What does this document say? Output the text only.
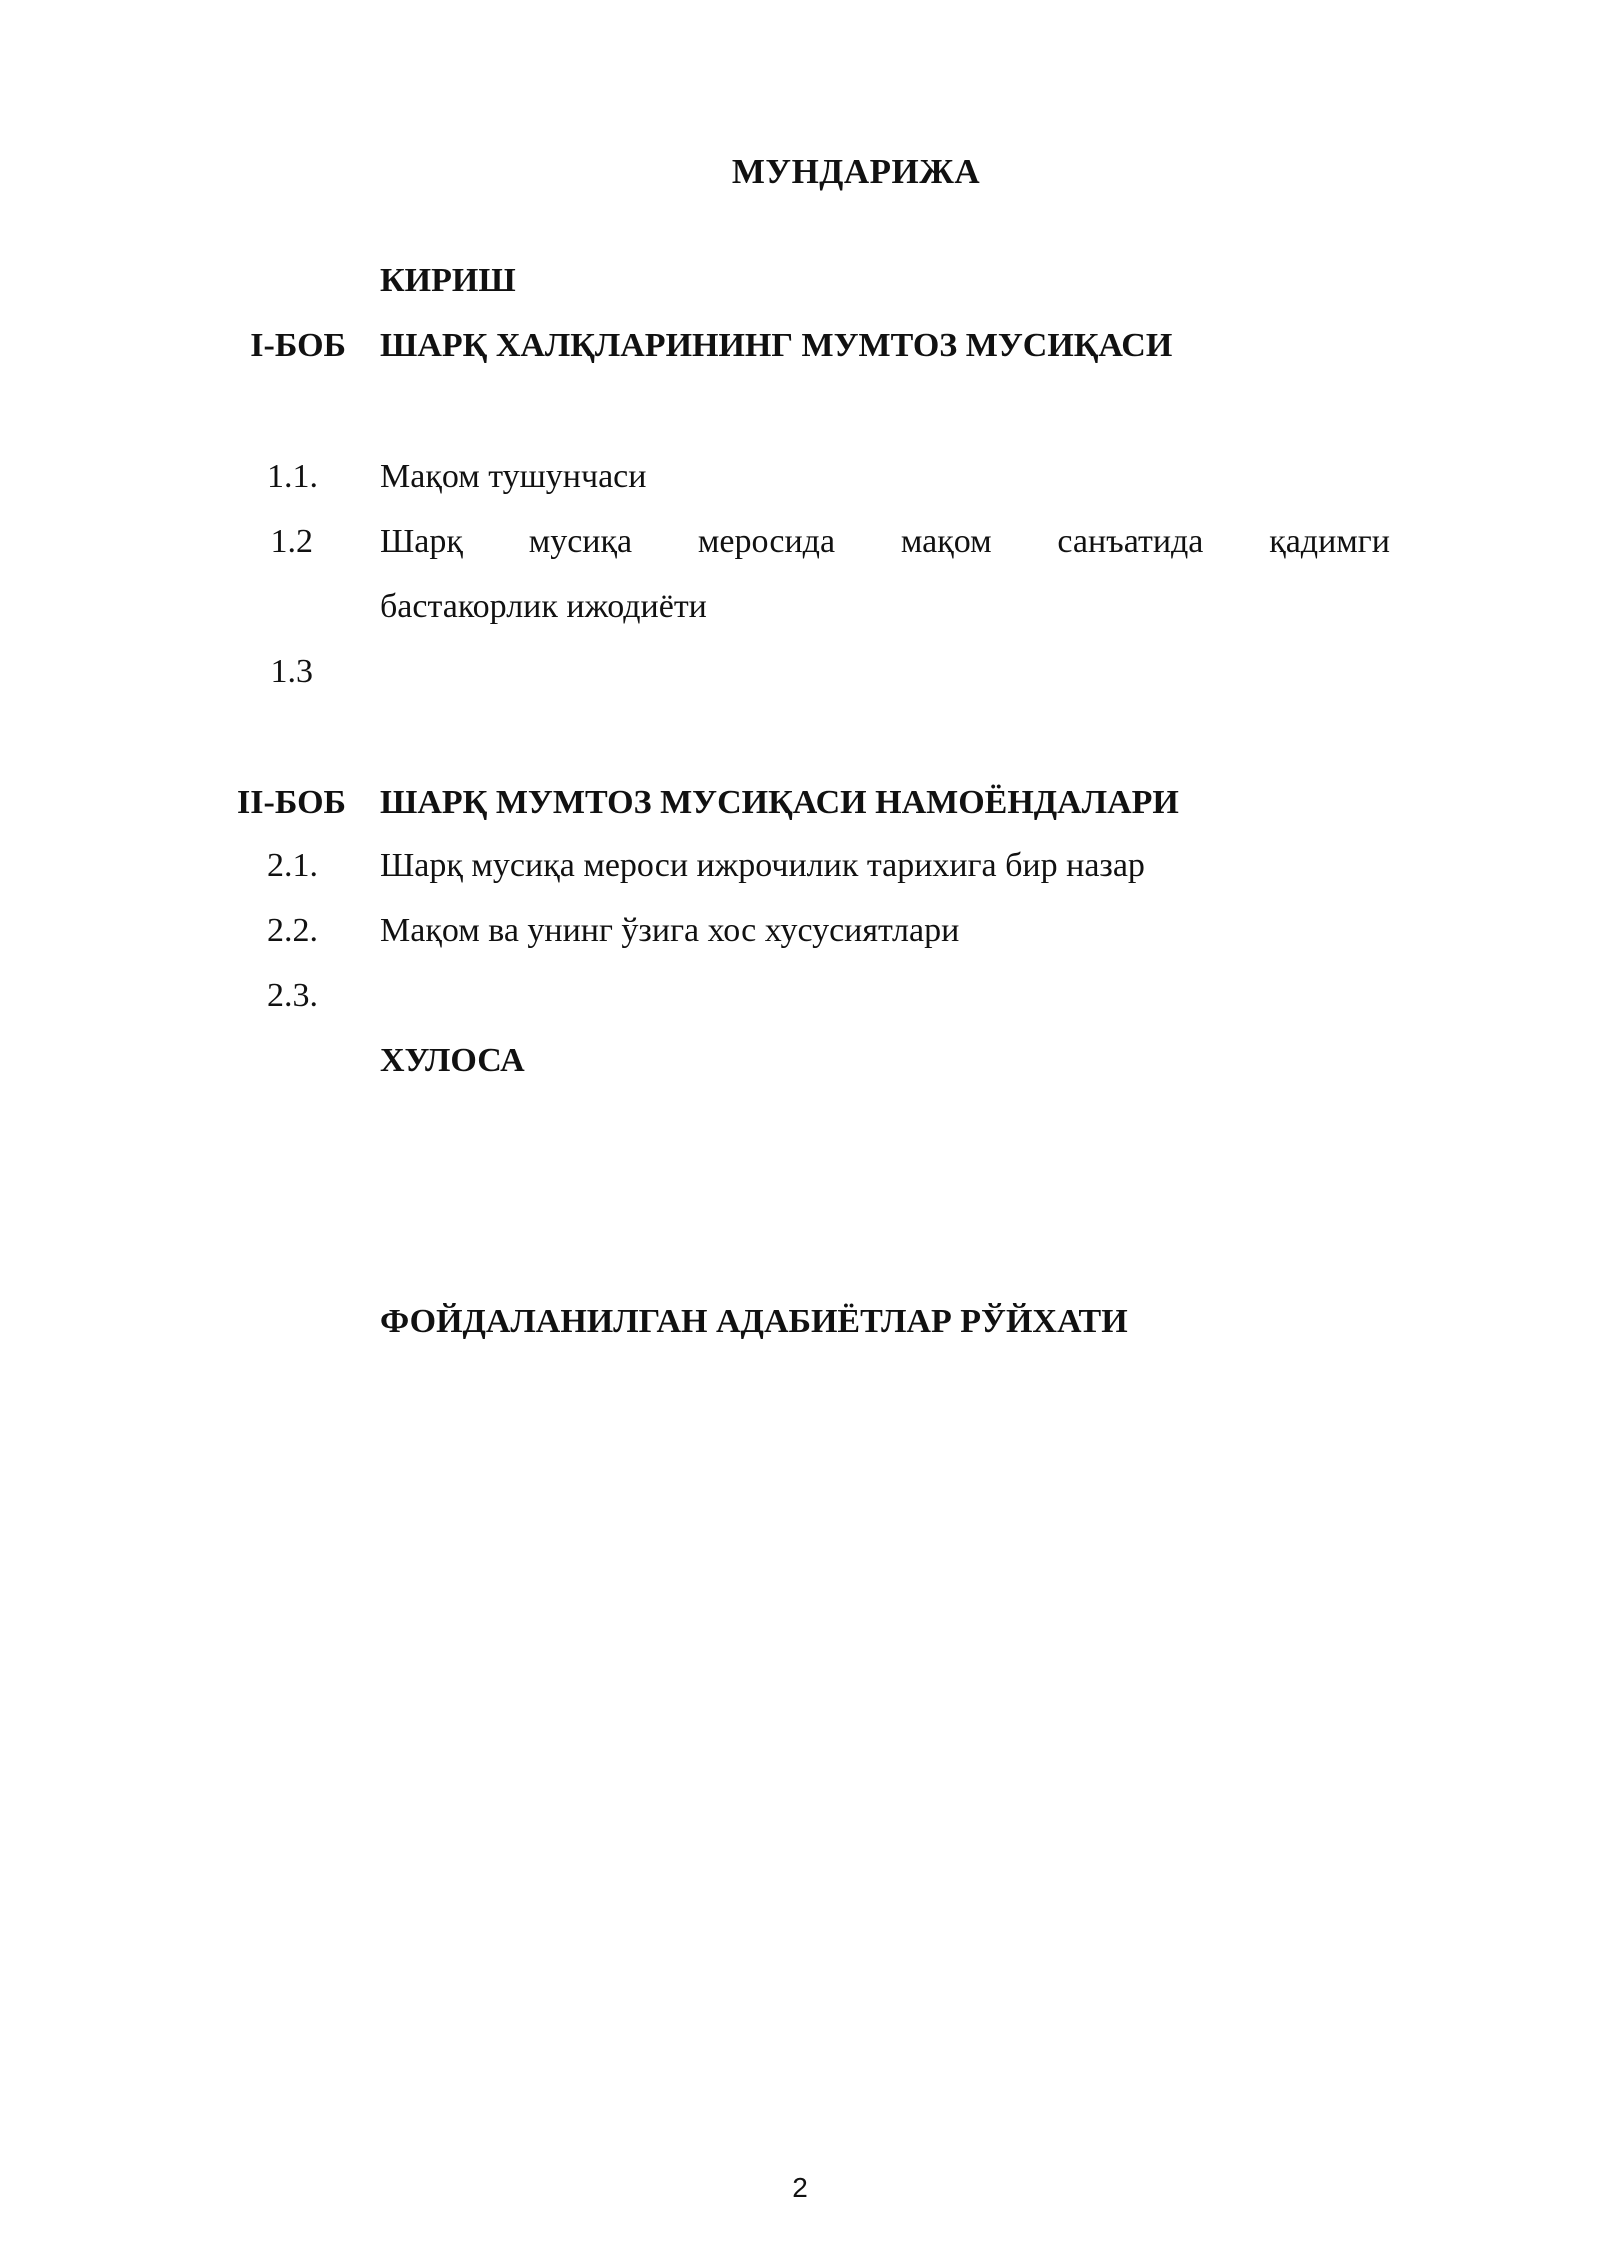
МУНДАРИЖА
КИРИШ
I-БОБ ШАРҚ ХАЛҚЛАРИНИНГ МУМТОЗ МУСИҚАСИ
1.1. Мақом тушунчаси
1.2 Шарқ мусиқа меросида мақом санъатида қадимги
бастакорлик ижодиёти
1.3
II-БОБ ШАРҚ МУМТОЗ МУСИҚАСИ НАМОЁНДАЛАРИ
2.1. Шарқ мусиқа мероси ижрочилик тарихига бир назар
2.2. Мақом ва унинг ўзига хос хусусиятлари
2.3.
ХУЛОСА
ФОЙДАЛАНИЛГАН АДАБИЁТЛАР РЎЙХАТИ
2
